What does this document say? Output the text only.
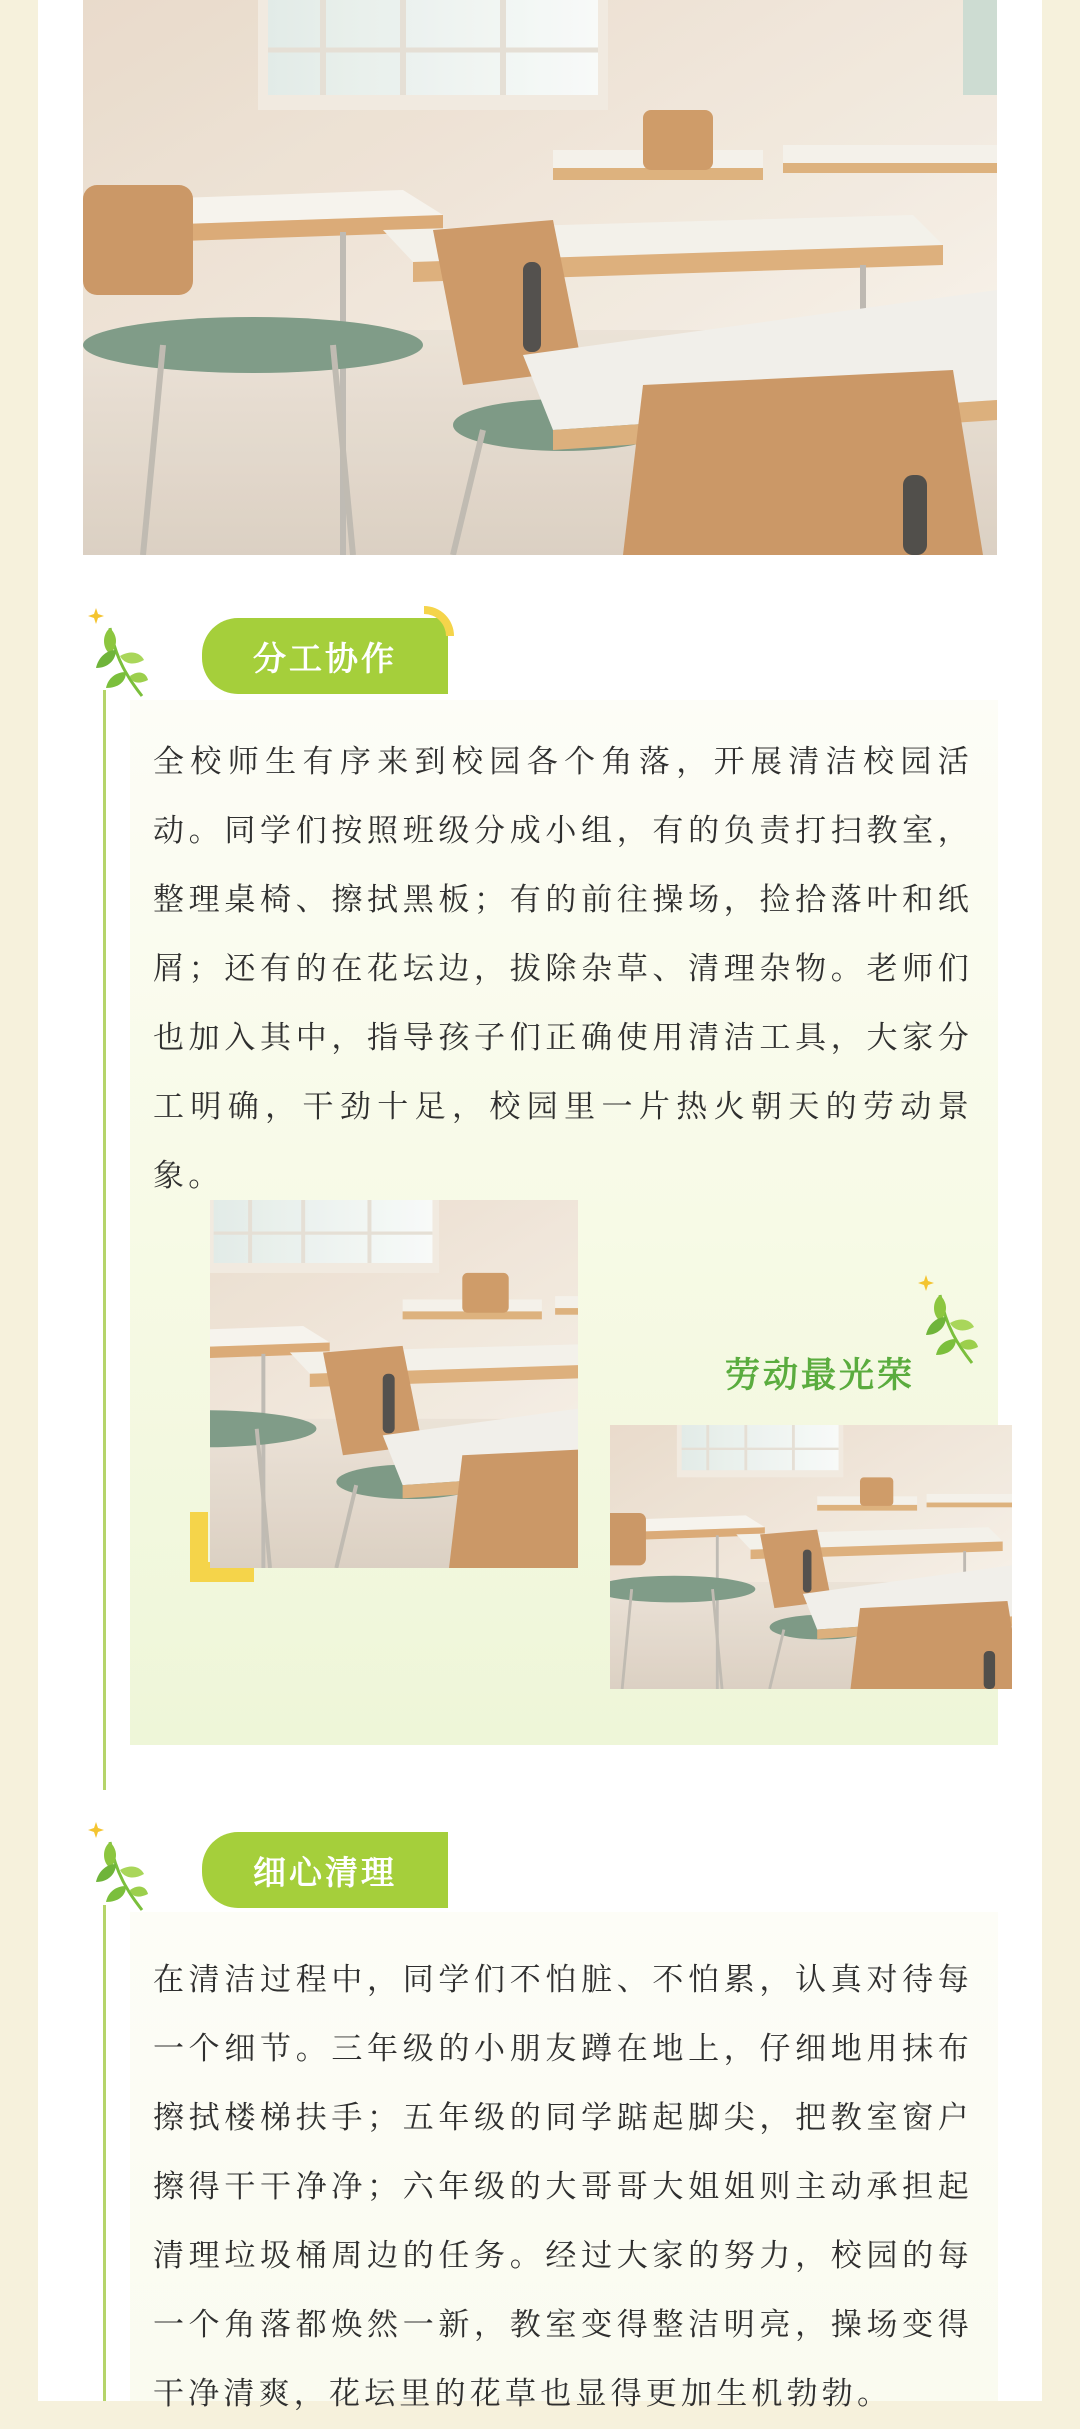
分工协作

全校师生有序来到校园各个角落，开展清洁校园活动。同学们按照班级分成小组，有的负责打扫教室，整理桌椅、擦拭黑板；有的前往操场，捡拾落叶和纸屑；还有的在花坛边，拔除杂草、清理杂物。老师们也加入其中，指导孩子们正确使用清洁工具，大家分工明确，干劲十足，校园里一片热火朝天的劳动景象。

劳动最光荣
细心清理

在清洁过程中，同学们不怕脏、不怕累，认真对待每一个细节。三年级的小朋友蹲在地上，仔细地用抹布擦拭楼梯扶手；五年级的同学踮起脚尖，把教室窗户擦得干干净净；六年级的大哥哥大姐姐则主动承担起清理垃圾桶周边的任务。经过大家的努力，校园的每一个角落都焕然一新，教室变得整洁明亮，操场变得干净清爽，花坛里的花草也显得更加生机勃勃。
